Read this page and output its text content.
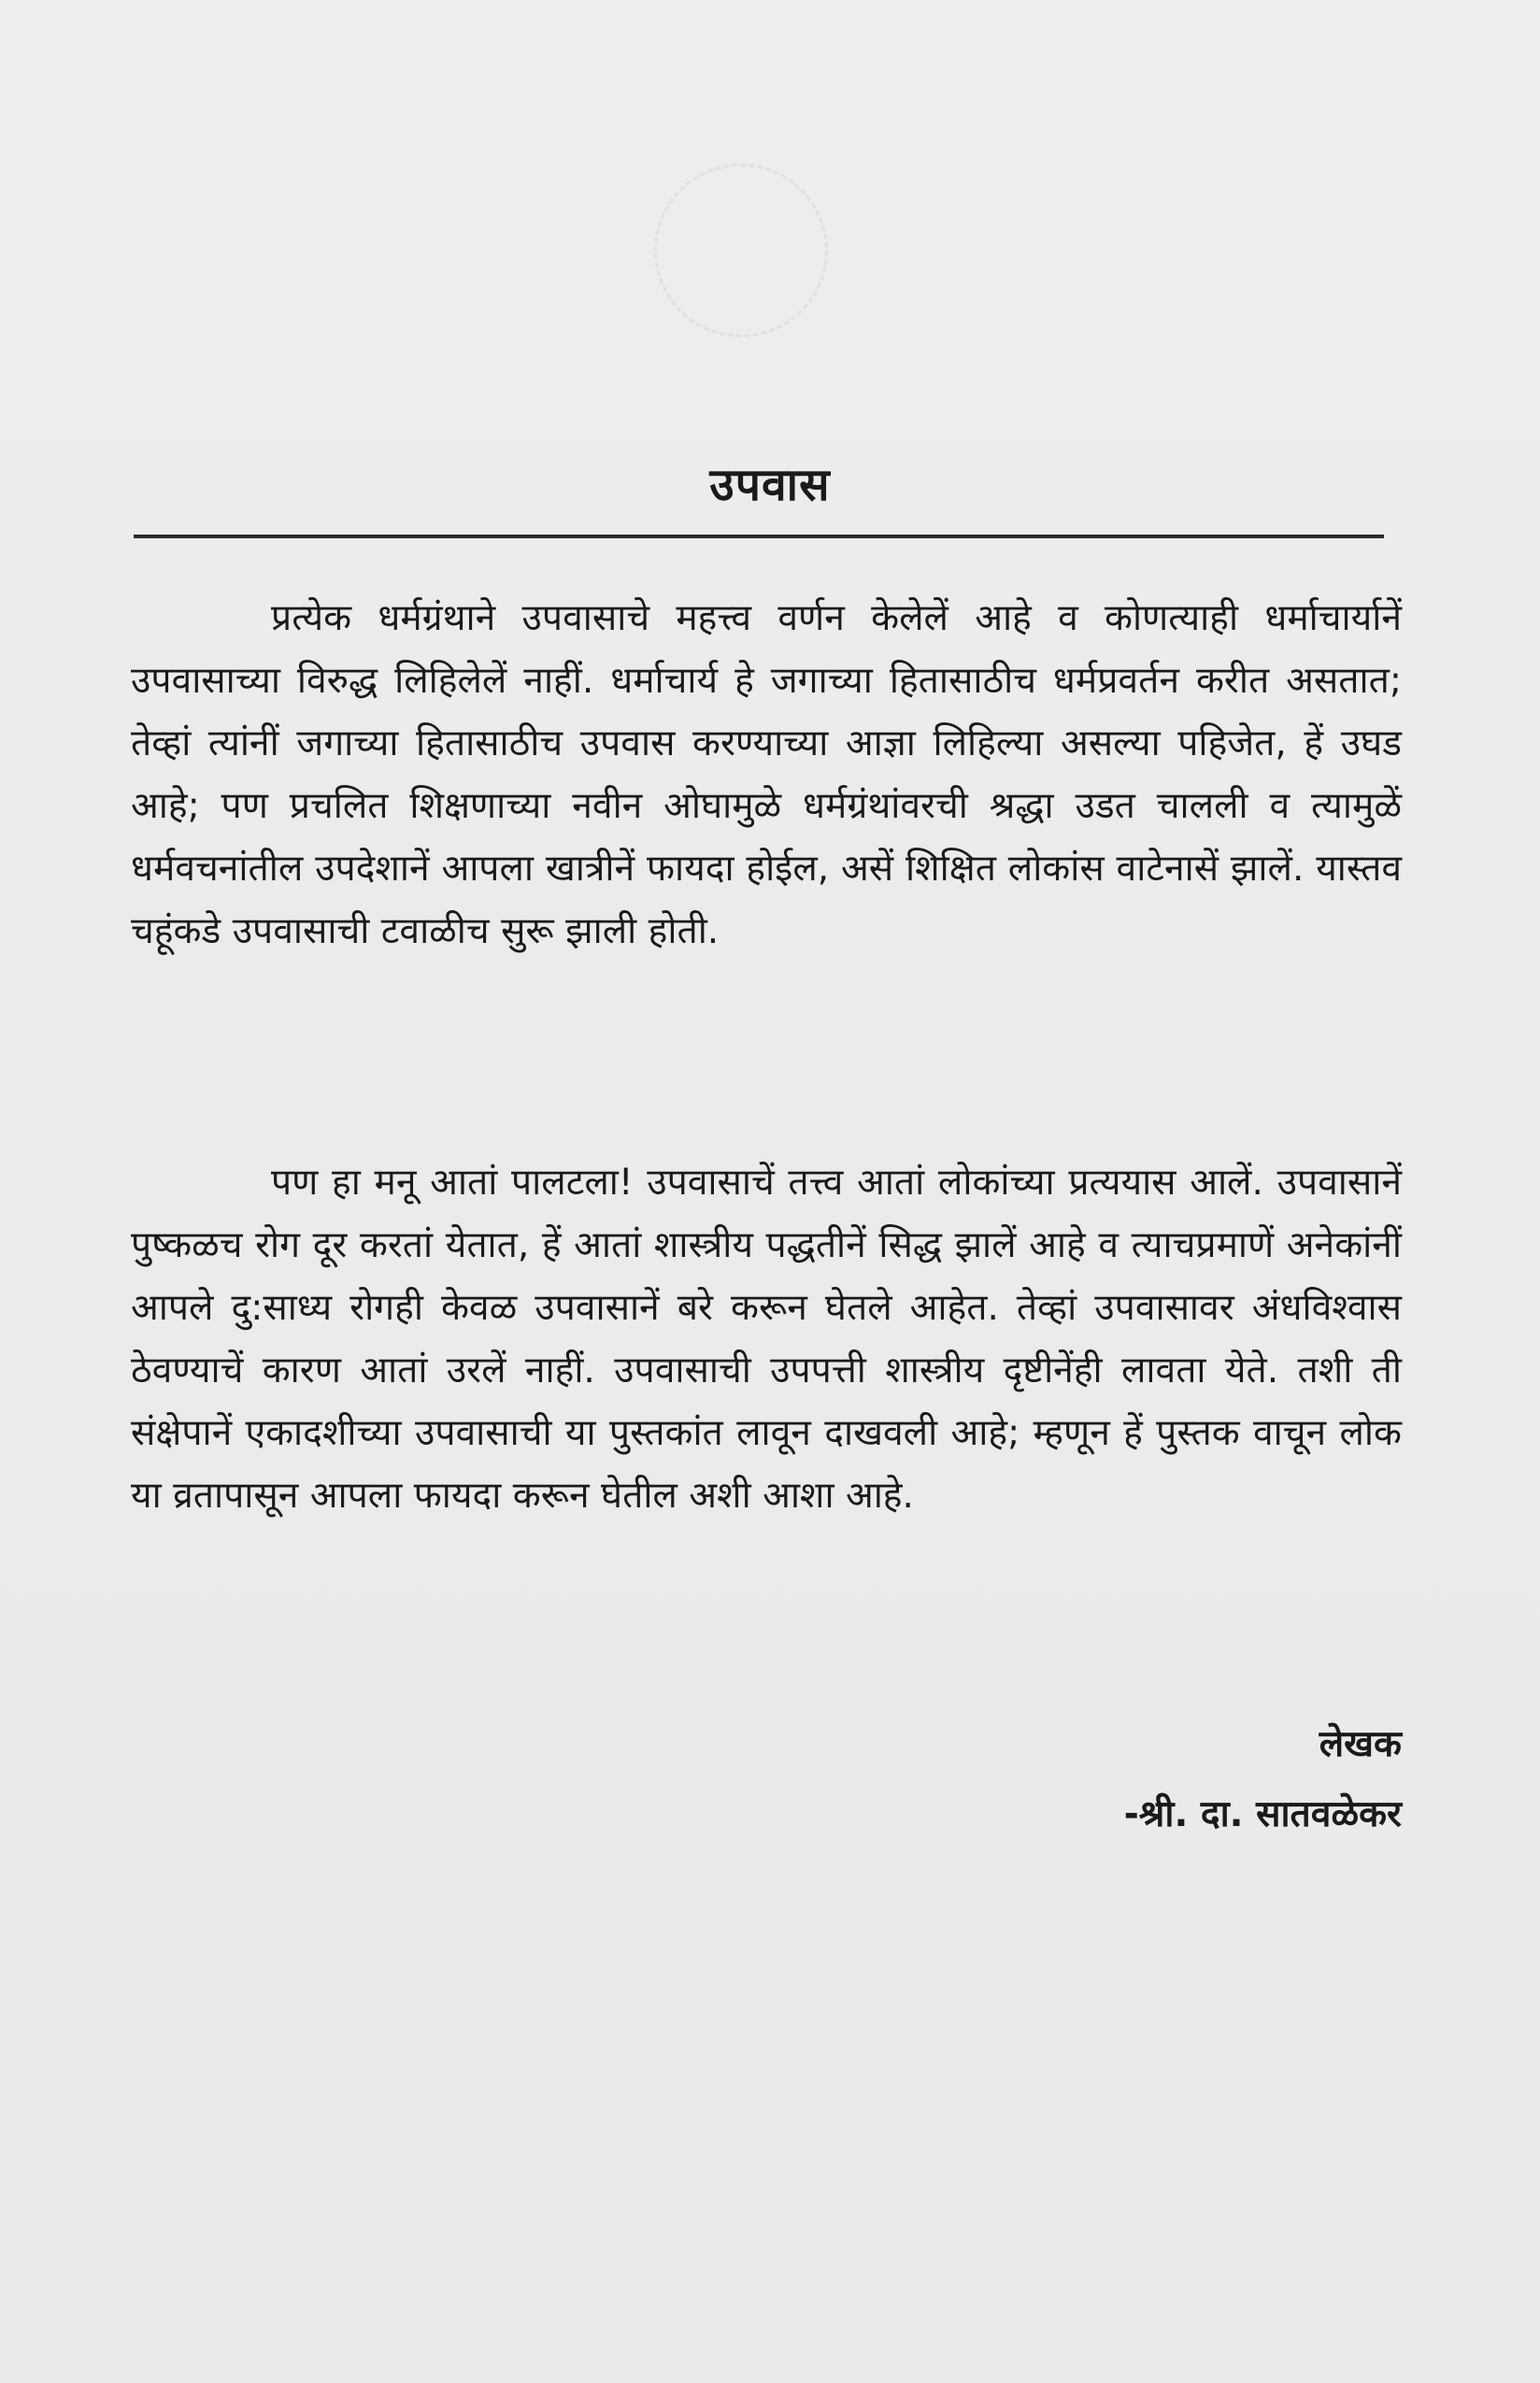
उपवास

प्रत्येक धर्मग्रंथाने उपवासाचे महत्त्व वर्णन केलेलें आहे व कोणत्याही धर्माचार्यानें उपवासाच्या विरुद्ध लिहिलेलें नाहीं. धर्माचार्य हे जगाच्या हितासाठीच धर्मप्रवर्तन करीत असतात; तेव्हां त्यांनीं जगाच्या हितासाठीच उपवास करण्याच्या आज्ञा लिहिल्या असल्या पहिजेत, हें उघड आहे; पण प्रचलित शिक्षणाच्या नवीन ओघामुळे धर्मग्रंथांवरची श्रद्धा उडत चालली व त्यामुळें धर्मवचनांतील उपदेशानें आपला खात्रीनें फायदा होईल, असें शिक्षित लोकांस वाटेनासें झालें. यास्तव चहूंकडे उपवासाची टवाळीच सुरू झाली होती.

पण हा मनू आतां पालटला! उपवासाचें तत्त्व आतां लोकांच्या प्रत्ययास आलें. उपवासानें पुष्कळच रोग दूर करतां येतात, हें आतां शास्त्रीय पद्धतीनें सिद्ध झालें आहे व त्याचप्रमाणें अनेकांनीं आपले दु:साध्य रोगही केवळ उपवासानें बरे करून घेतले आहेत. तेव्हां उपवासावर अंधविश्वास ठेवण्याचें कारण आतां उरलें नाहीं. उपवासाची उपपत्ती शास्त्रीय दृष्टीनेंही लावता येते. तशी ती संक्षेपानें एकादशीच्या उपवासाची या पुस्तकांत लावून दाखवली आहे; म्हणून हें पुस्तक वाचून लोक या व्रतापासून आपला फायदा करून घेतील अशी आशा आहे.

लेखक
-श्री. दा. सातवळेकर
